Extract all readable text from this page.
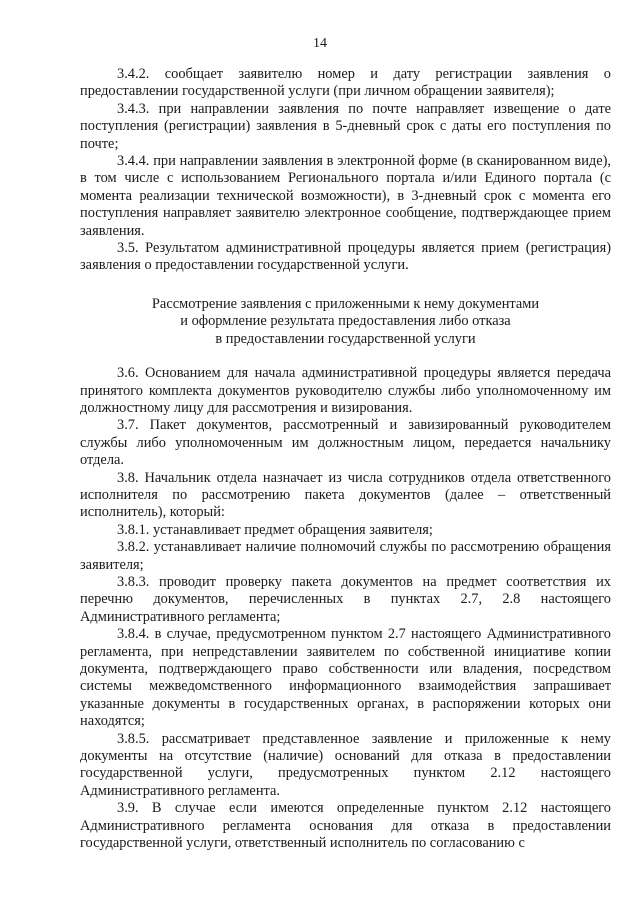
14

3.4.2. сообщает заявителю номер и дату регистрации заявления о предоставлении государственной услуги (при личном обращении заявителя);

3.4.3. при направлении заявления по почте направляет извещение о дате поступления (регистрации) заявления в 5-дневный срок с даты его поступления по почте;

3.4.4. при направлении заявления в электронной форме (в сканированном виде), в том числе с использованием Регионального портала и/или Единого портала (с момента реализации технической возможности), в 3-дневный срок с момента его поступления направляет заявителю электронное сообщение, подтверждающее прием заявления.

3.5. Результатом административной процедуры является прием (регистрация) заявления о предоставлении государственной услуги.

Рассмотрение заявления с приложенными к нему документами
и оформление результата предоставления либо отказа
в предоставлении государственной услуги

3.6. Основанием для начала административной процедуры является передача принятого комплекта документов руководителю службы либо уполномоченному им должностному лицу для рассмотрения и визирования.

3.7. Пакет документов, рассмотренный и завизированный руководителем службы либо уполномоченным им должностным лицом, передается начальнику отдела.

3.8. Начальник отдела назначает из числа сотрудников отдела ответственного исполнителя по рассмотрению пакета документов (далее – ответственный исполнитель), который:

3.8.1. устанавливает предмет обращения заявителя;

3.8.2. устанавливает наличие полномочий службы по рассмотрению обращения заявителя;

3.8.3. проводит проверку пакета документов на предмет соответствия их перечню документов, перечисленных в пунктах 2.7, 2.8 настоящего Административного регламента;

3.8.4. в случае, предусмотренном пунктом 2.7 настоящего Административного регламента, при непредставлении заявителем по собственной инициативе копии документа, подтверждающего право собственности или владения, посредством системы межведомственного информационного взаимодействия запрашивает указанные документы в государственных органах, в распоряжении которых они находятся;

3.8.5. рассматривает представленное заявление и приложенные к нему документы на отсутствие (наличие) оснований для отказа в предоставлении государственной услуги, предусмотренных пунктом 2.12 настоящего Административного регламента.

3.9. В случае если имеются определенные пунктом 2.12 настоящего Административного регламента основания для отказа в предоставлении государственной услуги, ответственный исполнитель по согласованию с
